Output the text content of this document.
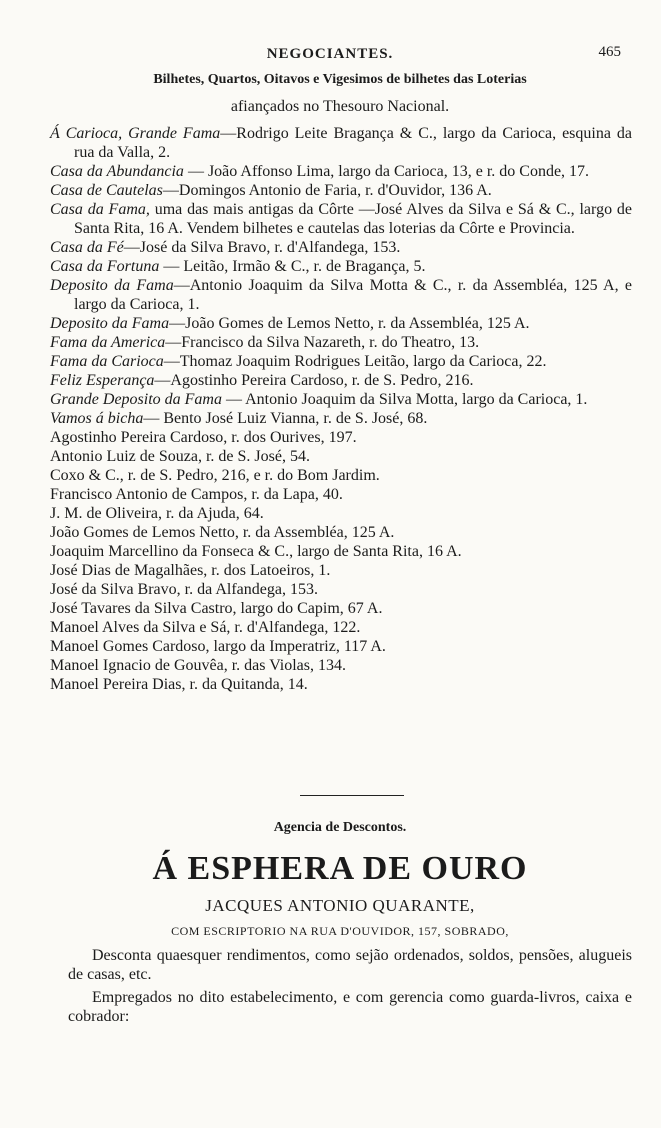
NEGOCIANTES.	465
Bilhetes, Quartos, Oitavos e Vigesimos de bilhetes das Loterias
afiançados no Thesouro Nacional.

Á Carioca, Grande Fama—Rodrigo Leite Bragança & C., largo da Carioca, esquina da rua da Valla, 2.

Casa da Abundancia — João Affonso Lima, largo da Carioca, 13, e r. do Conde, 17.

Casa de Cautelas—Domingos Antonio de Faria, r. d'Ouvidor, 136 A.

Casa da Fama, uma das mais antigas da Côrte —José Alves da Silva e Sá & C., largo de Santa Rita, 16 A. Vendem bilhetes e cautelas das loterias da Côrte e Provincia.

Casa da Fé—José da Silva Bravo, r. d'Alfandega, 153.

Casa da Fortuna — Leitão, Irmão & C., r. de Bragança, 5.

Deposito da Fama—Antonio Joaquim da Silva Motta & C., r. da Assembléa, 125 A, e largo da Carioca, 1.

Deposito da Fama—João Gomes de Lemos Netto, r. da Assembléa, 125 A.

Fama da America—Francisco da Silva Nazareth, r. do Theatro, 13.

Fama da Carioca—Thomaz Joaquim Rodrigues Leitão, largo da Carioca, 22.

Feliz Esperança—Agostinho Pereira Cardoso, r. de S. Pedro, 216.

Grande Deposito da Fama — Antonio Joaquim da Silva Motta, largo da Carioca, 1.

Vamos á bicha— Bento José Luiz Vianna, r. de S. José, 68.

Agostinho Pereira Cardoso, r. dos Ourives, 197.

Antonio Luiz de Souza, r. de S. José, 54.

Coxo & C., r. de S. Pedro, 216, e r. do Bom Jardim.

Francisco Antonio de Campos, r. da Lapa, 40.

J. M. de Oliveira, r. da Ajuda, 64.

João Gomes de Lemos Netto, r. da Assembléa, 125 A.

Joaquim Marcellino da Fonseca & C., largo de Santa Rita, 16 A.

José Dias de Magalhães, r. dos Latoeiros, 1.

José da Silva Bravo, r. da Alfandega, 153.

José Tavares da Silva Castro, largo do Capim, 67 A.

Manoel Alves da Silva e Sá, r. d'Alfandega, 122.

Manoel Gomes Cardoso, largo da Imperatriz, 117 A.

Manoel Ignacio de Gouvêa, r. das Violas, 134.

Manoel Pereira Dias, r. da Quitanda, 14.

Agencia de Descontos.
Á ESPHERA DE OURO
JACQUES ANTONIO QUARANTE,
COM ESCRIPTORIO NA RUA D'OUVIDOR, 157, SOBRADO,

Desconta quaesquer rendimentos, como sejão ordenados, soldos, pensões, alugueis de casas, etc.

Empregados no dito estabelecimento, e com gerencia como guarda-livros, caixa e cobrador:
